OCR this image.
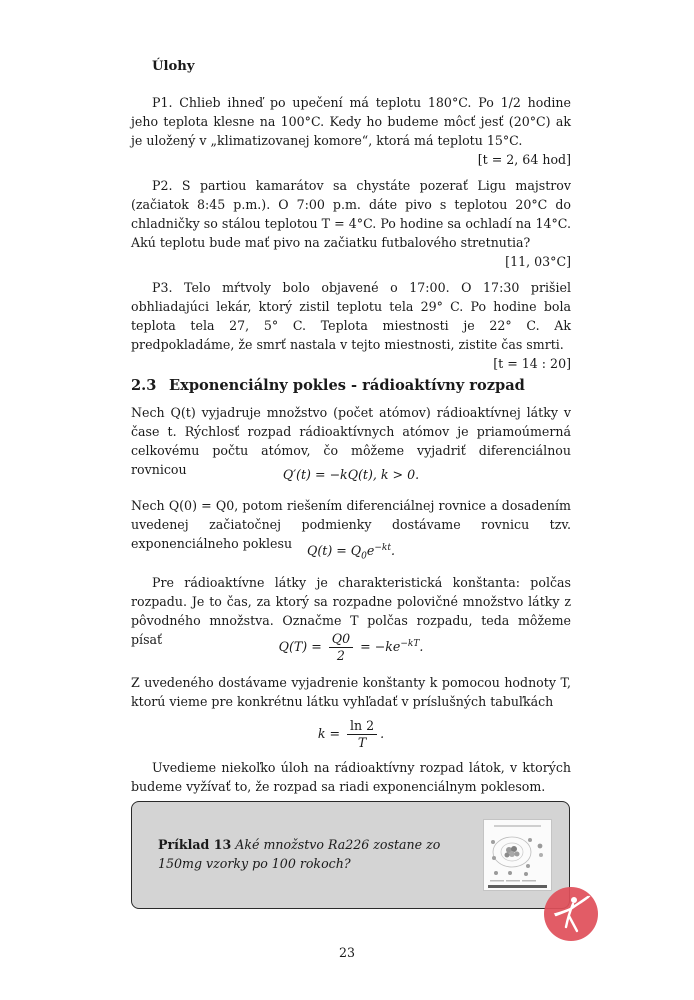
Úlohy

P1. Chlieb ihneď po upečení má teplotu 180°C. Po 1/2 hodine jeho teplota klesne na 100°C. Kedy ho budeme môcť jesť (20°C) ak je uložený v „klimatizovanej komore“, ktorá má teplotu 15°C.

[t = 2, 64 hod]

P2. S partiou kamarátov sa chystáte pozerať Ligu majstrov (začiatok 8:45 p.m.). O 7:00 p.m. dáte pivo s teplotou 20°C do chladničky so stálou teplotou T = 4°C. Po hodine sa ochladí na 14°C. Akú teplotu bude mať pivo na začiatku futbalového stretnutia?

[11, 03°C]

P3. Telo mŕtvoly bolo objavené o 17:00. O 17:30 prišiel obhliadajúci lekár, ktorý zistil teplotu tela 29° C. Po hodine bola teplota tela 27, 5° C. Teplota miestnosti je 22° C. Ak predpokladáme, že smrť nastala v tejto miestnosti, zistite čas smrti.

[t = 14 : 20]

2.3 Exponenciálny pokles - rádioaktívny rozpad

Nech Q(t) vyjadruje množstvo (počet atómov) rádioaktívnej látky v čase t. Rýchlosť rozpad rádioaktívnych atómov je priamoúmerná celkovému počtu atómov, čo môžeme vyjadriť diferenciálnou rovnicou	Q′(t) = −kQ(t), k > 0.

Nech Q(0) = Q0, potom riešením diferenciálnej rovnice a dosadením uvedenej začiatočnej podmienky dostávame rovnicu tzv. exponenciálneho poklesu	$Q(t) = Q_0e^{-kt}$.

Pre rádioaktívne látky je charakteristická konštanta: polčas rozpadu. Je to čas, za ktorý sa rozpadne polovičné množstvo látky z pôvodného množstva. Označme T polčas rozpadu, teda môžeme písať	$Q(T) = \frac{Q0}{2} = -ke^{-kT}$.

Z uvedeného dostávame vyjadrenie konštanty k pomocou hodnoty T, ktorú vieme pre konkrétnu látku vyhľadať v príslušných tabuľkách

$k = \frac{\ln 2}{T}$ .

Uvedieme niekoľko úloh na rádioaktívny rozpad látok, v ktorých budeme vyžívať to, že rozpad sa riadi exponenciálnym poklesom.

Príklad 13 Aké množstvo Ra226 zostane zo 150mg vzorky po 100 rokoch?
23
